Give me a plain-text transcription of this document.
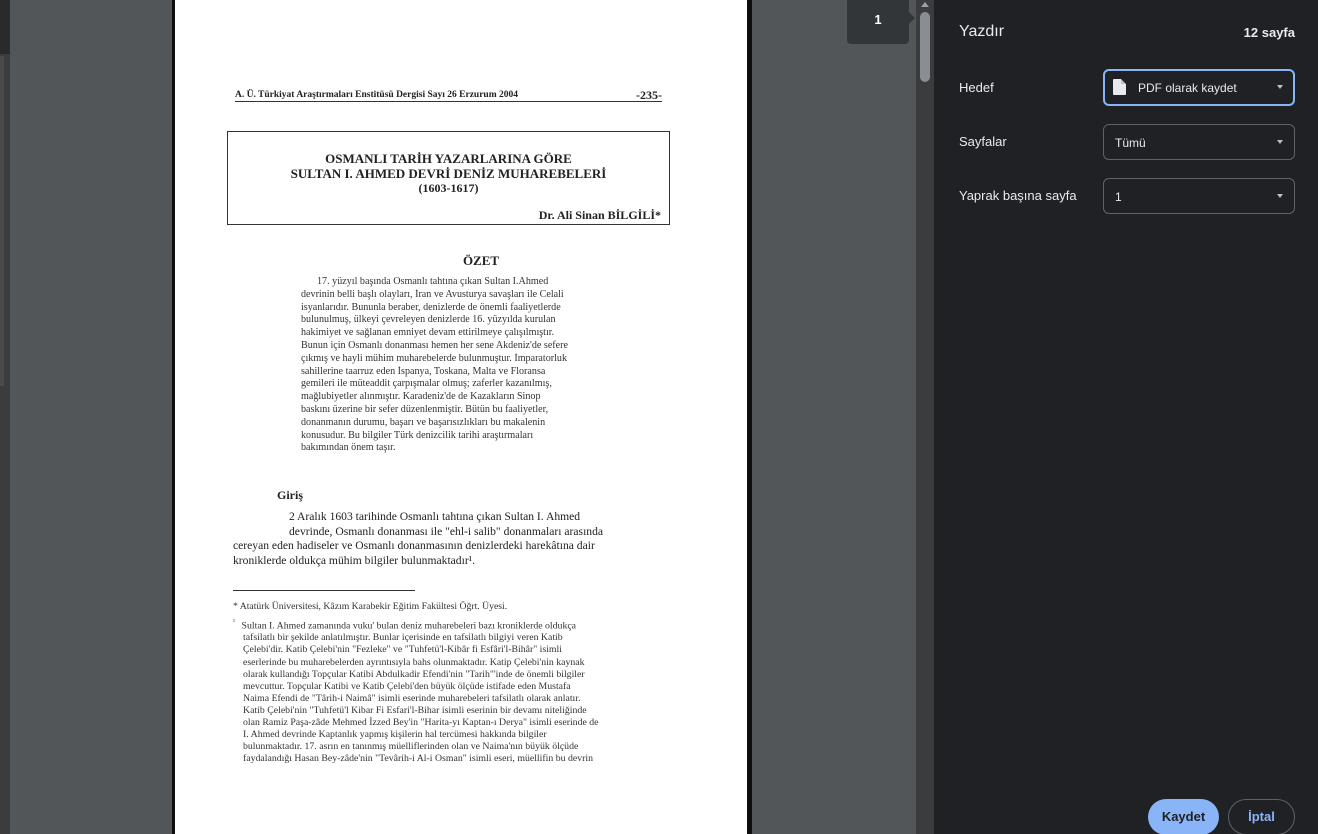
A. Ü. Türkiyat Araştırmaları Enstitüsü Dergisi Sayı 26 Erzurum 2004	-235-
OSMANLI TARİH YAZARLARINA GÖRE
SULTAN I. AHMED DEVRİ DENİZ MUHAREBELERİ
(1603-1617)
Dr. Ali Sinan BİLGİLİ*
ÖZET
17. yüzyıl başında Osmanlı tahtına çıkan Sultan I.Ahmed
devrinin belli başlı olayları, İran ve Avusturya savaşları ile Celali
isyanlarıdır. Bununla beraber, denizlerde de önemli faaliyetlerde
bulunulmuş, ülkeyi çevreleyen denizlerde 16. yüzyılda kurulan
hakimiyet ve sağlanan emniyet devam ettirilmeye çalışılmıştır.
Bunun için Osmanlı donanması hemen her sene Akdeniz'de sefere
çıkmış ve hayli mühim muharebelerde bulunmuştur. İmparatorluk
sahillerine taarruz eden İspanya, Toskana, Malta ve Floransa
gemileri ile müteaddit çarpışmalar olmuş; zaferler kazanılmış,
mağlubiyetler alınmıştır. Karadeniz'de de Kazakların Sinop
baskını üzerine bir sefer düzenlenmiştir. Bütün bu faaliyetler,
donanmanın durumu, başarı ve başarısızlıkları bu makalenin
konusudur. Bu bilgiler Türk denizcilik tarihi araştırmaları
bakımından önem taşır.
Giriş
2 Aralık 1603 tarihinde Osmanlı tahtına çıkan Sultan I. Ahmed
devrinde, Osmanlı donanması ile "ehl-i salib" donanmaları arasında
cereyan eden hadiseler ve Osmanlı donanmasının denizlerdeki harekâtına dair
kroniklerde oldukça mühim bilgiler bulunmaktadır¹.
* Atatürk Üniversitesi, Kâzım Karabekir Eğitim Fakültesi Öğrt. Üyesi.
¹ Sultan I. Ahmed zamanında vuku' bulan deniz muharebeleri bazı kroniklerde oldukça
tafsilatlı bir şekilde anlatılmıştır. Bunlar içerisinde en tafsilatlı bilgiyi veren Katib
Çelebi'dir. Katib Çelebi'nin "Fezleke" ve "Tuhfetü'l-Kibâr fi Esfâri'l-Bihâr" isimli
eserlerinde bu muharebelerden ayrıntısıyla bahs olunmaktadır. Katip Çelebi'nin kaynak
olarak kullandığı Topçular Katibi Abdulkadir Efendi'nin "Tarih"'inde de önemli bilgiler
mevcuttur. Topçular Katibi ve Katib Çelebi'den büyük ölçüde istifade eden Mustafa
Naima Efendi de "Târih-i Naimâ" isimli eserinde muharebeleri tafsilatlı olarak anlatır.
Katib Çelebi'nin "Tuhfetü'l Kibar Fi Esfari'l-Bihar isimli eserinin bir devamı niteliğinde
olan Ramiz Paşa-zâde Mehmed İzzed Bey'in "Harita-yı Kaptan-ı Derya" isimli eserinde de
I. Ahmed devrinde Kaptanlık yapmış kişilerin hal tercümesi hakkında bilgiler
bulunmaktadır. 17. asrın en tanınmış müelliflerinden olan ve Naima'nın büyük ölçüde
faydalandığı Hasan Bey-zâde'nin "Tevârih-i Al-i Osman" isimli eseri, müellifin bu devrin
1
Yazdır	12 sayfa
Hedef	PDF olarak kaydet
Sayfalar	Tümü
Yaprak başına sayfa	1
Kaydet	İptal
